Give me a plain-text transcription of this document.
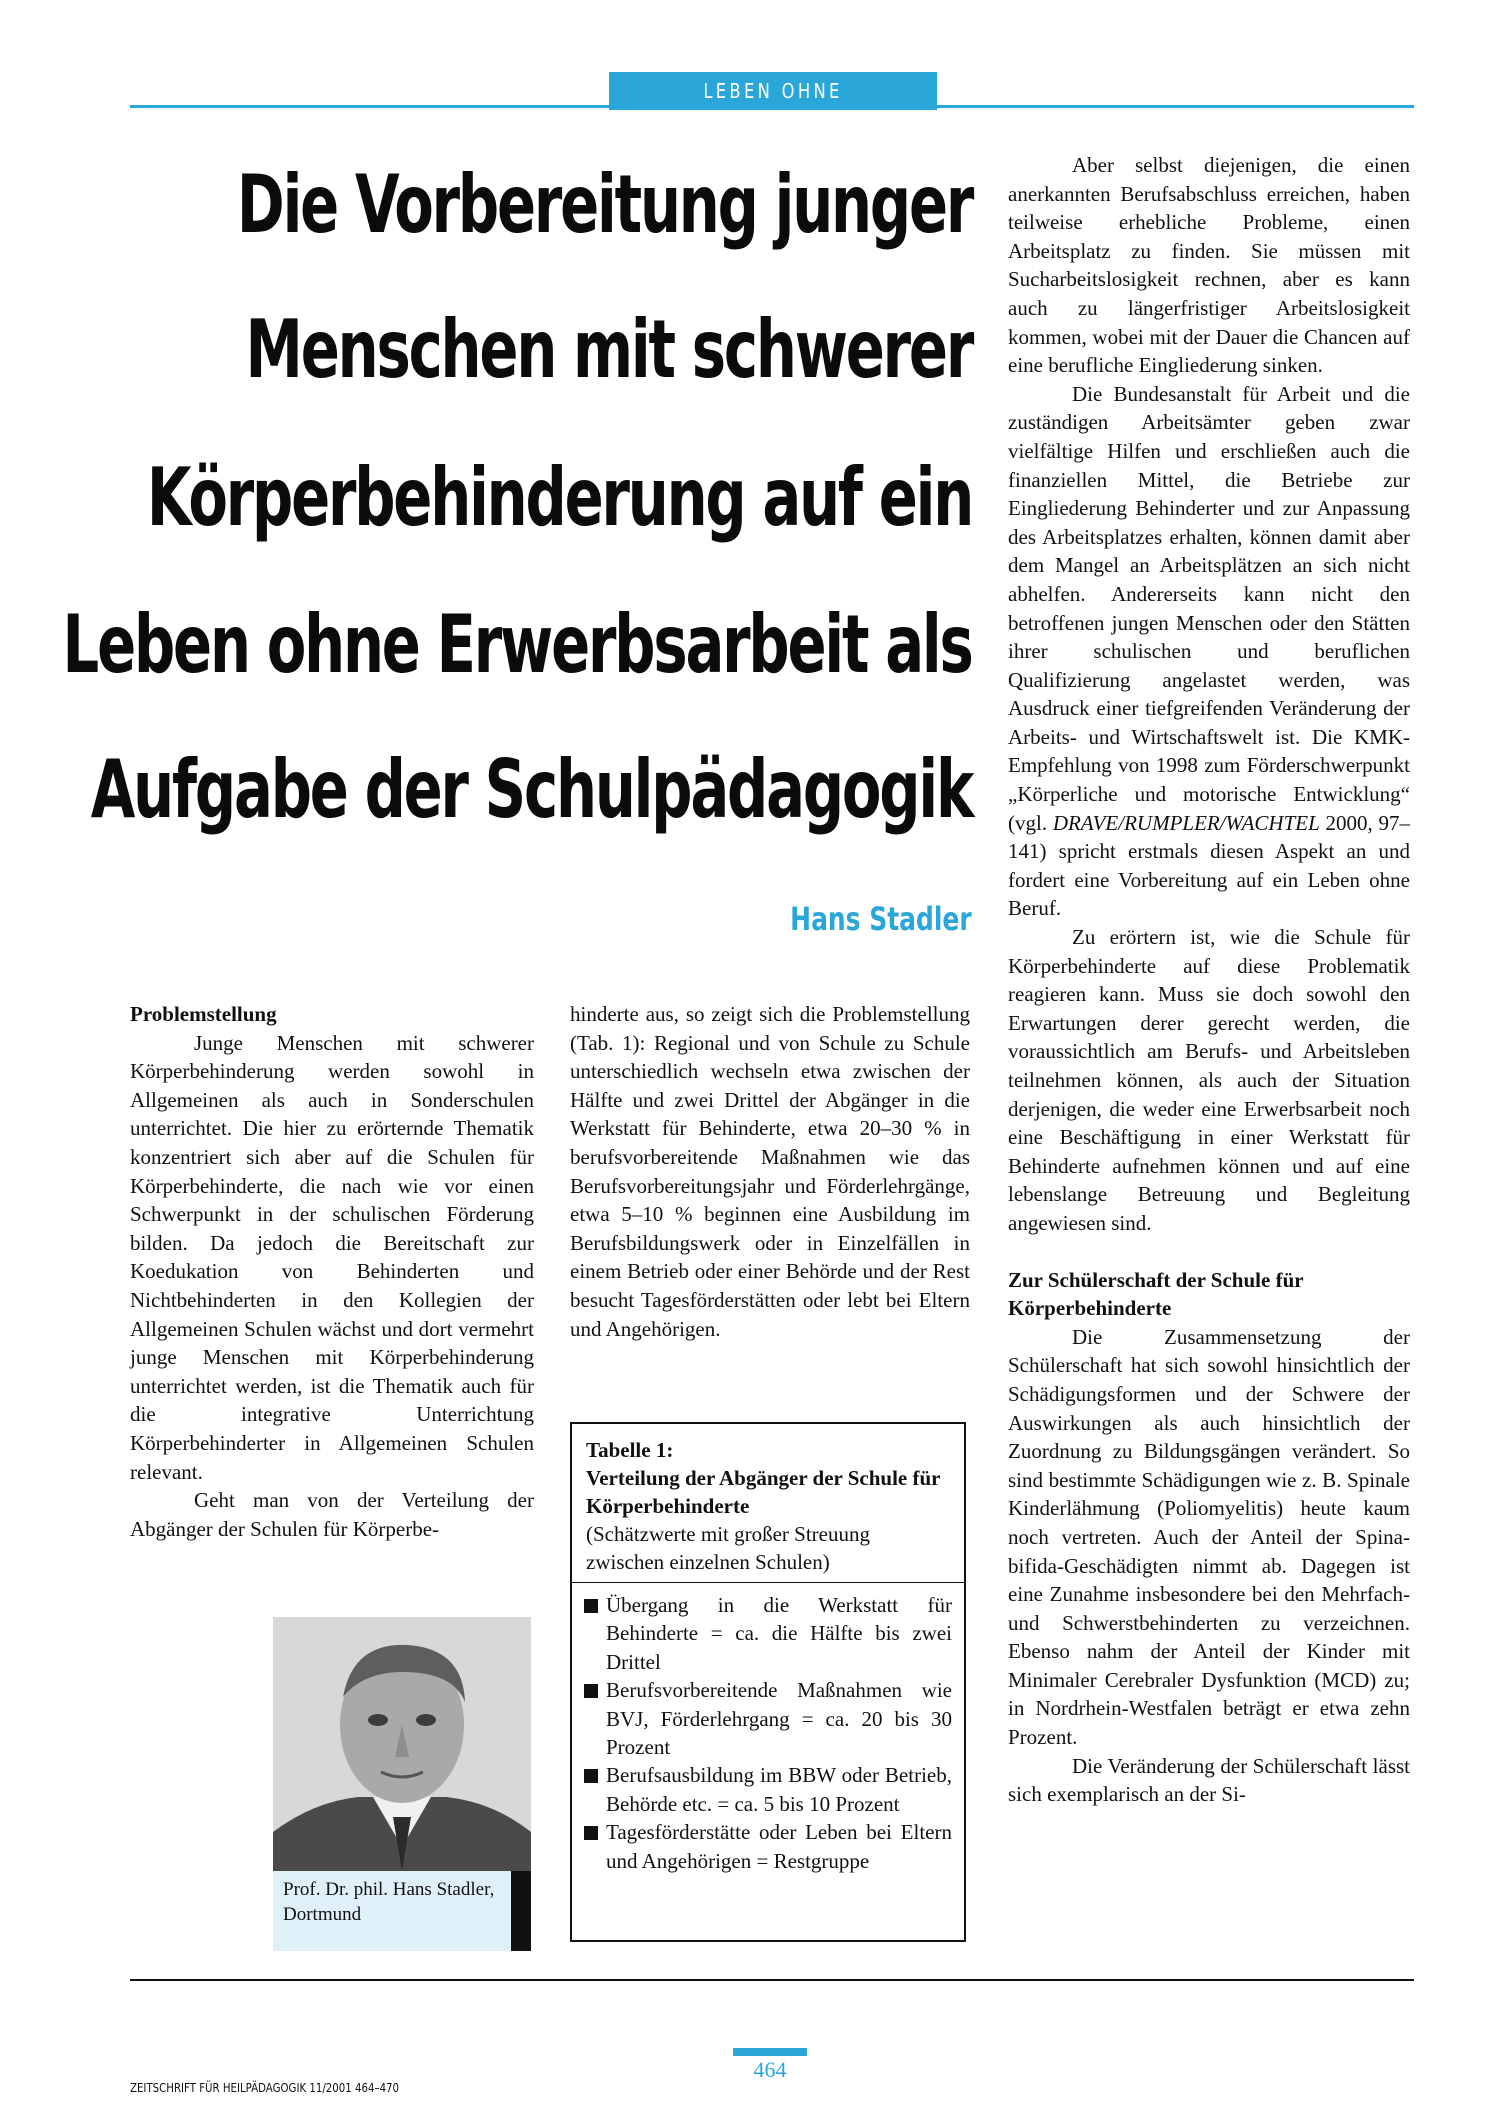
LEBEN OHNE ERWERBSARBEIT
Die Vorbereitung junger
Menschen mit schwerer
Körperbehinderung auf ein
Leben ohne Erwerbsarbeit als
Aufgabe der Schulpädagogik
Hans Stadler
Problemstellung

Junge Menschen mit schwerer Körperbehinderung werden sowohl in Allgemeinen als auch in Sonderschulen unterrichtet. Die hier zu erörternde Thematik konzentriert sich aber auf die Schulen für Körperbehinderte, die nach wie vor einen Schwerpunkt in der schulischen Förderung bilden. Da jedoch die Bereitschaft zur Koedukation von Behinderten und Nichtbehinderten in den Kollegien der Allgemeinen Schulen wächst und dort vermehrt junge Menschen mit Körperbehinderung unterrichtet werden, ist die Thematik auch für die integrative Unterrichtung Körperbehinderter in Allgemeinen Schulen relevant.

Geht man von der Verteilung der Abgänger der Schulen für Körperbe-

Prof. Dr. phil. Hans Stadler, Dortmund

hinderte aus, so zeigt sich die Problemstellung (Tab. 1): Regional und von Schule zu Schule unterschiedlich wechseln etwa zwischen der Hälfte und zwei Drittel der Abgänger in die Werkstatt für Behinderte, etwa 20–30 % in berufsvorbereitende Maßnahmen wie das Berufsvorbereitungsjahr und Förderlehrgänge, etwa 5–10 % beginnen eine Ausbildung im Berufsbildungswerk oder in Einzelfällen in einem Betrieb oder einer Behörde und der Rest besucht Tagesförderstätten oder lebt bei Eltern und Angehörigen.

Tabelle 1:
Verteilung der Abgänger der Schule für Körperbehinderte
(Schätzwerte mit großer Streuung zwischen einzelnen Schulen)
Übergang in die Werkstatt für Behinderte = ca. die Hälfte bis zwei Drittel
Berufsvorbereitende Maßnahmen wie BVJ, Förderlehrgang = ca. 20 bis 30 Prozent
Berufsausbildung im BBW oder Betrieb, Behörde etc. = ca. 5 bis 10 Prozent
Tagesförderstätte oder Leben bei Eltern und Angehörigen = Restgruppe

Aber selbst diejenigen, die einen anerkannten Berufsabschluss erreichen, haben teilweise erhebliche Probleme, einen Arbeitsplatz zu finden. Sie müssen mit Sucharbeitslosigkeit rechnen, aber es kann auch zu längerfristiger Arbeitslosigkeit kommen, wobei mit der Dauer die Chancen auf eine berufliche Eingliederung sinken.

Die Bundesanstalt für Arbeit und die zuständigen Arbeitsämter geben zwar vielfältige Hilfen und erschließen auch die finanziellen Mittel, die Betriebe zur Eingliederung Behinderter und zur Anpassung des Arbeitsplatzes erhalten, können damit aber dem Mangel an Arbeitsplätzen an sich nicht abhelfen. Andererseits kann nicht den betroffenen jungen Menschen oder den Stätten ihrer schulischen und beruflichen Qualifizierung angelastet werden, was Ausdruck einer tiefgreifenden Veränderung der Arbeits- und Wirtschaftswelt ist. Die KMK-Empfehlung von 1998 zum Förderschwerpunkt „Körperliche und motorische Entwicklung“ (vgl. DRAVE/RUMPLER/WACHTEL 2000, 97–141) spricht erstmals diesen Aspekt an und fordert eine Vorbereitung auf ein Leben ohne Beruf.

Zu erörtern ist, wie die Schule für Körperbehinderte auf diese Problematik reagieren kann. Muss sie doch sowohl den Erwartungen derer gerecht werden, die voraussichtlich am Berufs- und Arbeitsleben teilnehmen können, als auch der Situation derjenigen, die weder eine Erwerbsarbeit noch eine Beschäftigung in einer Werkstatt für Behinderte aufnehmen können und auf eine lebenslange Betreuung und Begleitung angewiesen sind.

Zur Schülerschaft der Schule für Körperbehinderte

Die Zusammensetzung der Schülerschaft hat sich sowohl hinsichtlich der Schädigungsformen und der Schwere der Auswirkungen als auch hinsichtlich der Zuordnung zu Bildungsgängen verändert. So sind bestimmte Schädigungen wie z. B. Spinale Kinderlähmung (Poliomyelitis) heute kaum noch vertreten. Auch der Anteil der Spina-bifida-Geschädigten nimmt ab. Dagegen ist eine Zunahme insbesondere bei den Mehrfach- und Schwerstbehinderten zu verzeichnen. Ebenso nahm der Anteil der Kinder mit Minimaler Cerebraler Dysfunktion (MCD) zu; in Nordrhein-Westfalen beträgt er etwa zehn Prozent.

Die Veränderung der Schülerschaft lässt sich exemplarisch an der Si-

ZEITSCHRIFT FÜR HEILPÄDAGOGIK 11/2001 464–470
464
